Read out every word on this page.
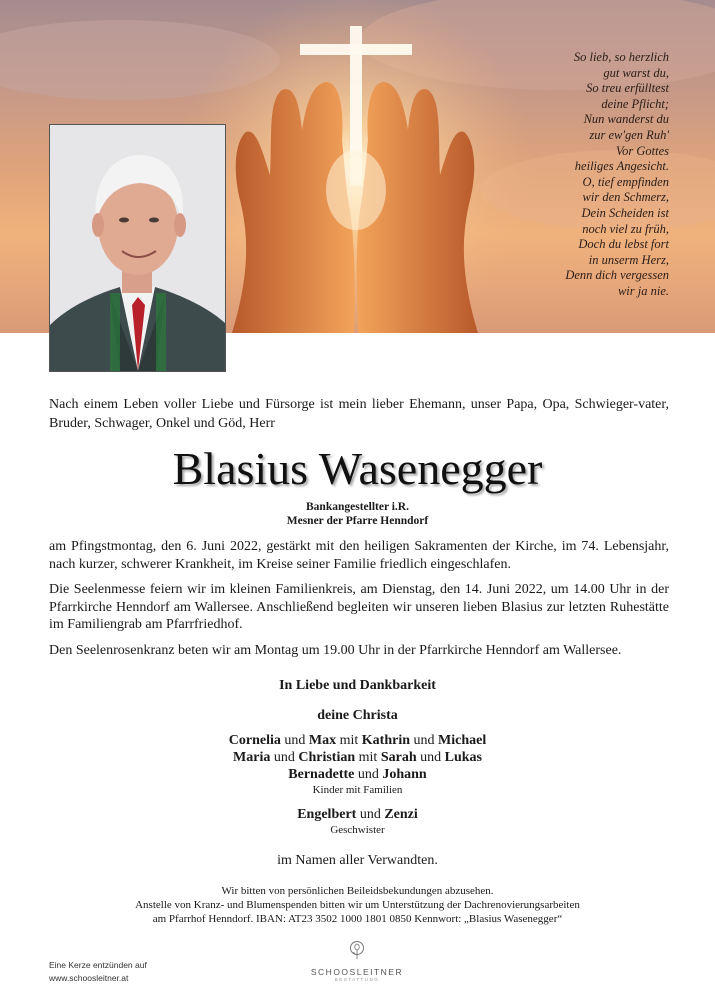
So lieb, so herzlich
gut warst du,
So treu erfülltest
deine Pflicht;
Nun wanderst du
zur ew'gen Ruh'
Vor Gottes
heiliges Angesicht.
O, tief empfinden
wir den Schmerz,
Dein Scheiden ist
noch viel zu früh,
Doch du lebst fort
in unserm Herz,
Denn dich vergessen
wir ja nie.
Nach einem Leben voller Liebe und Fürsorge ist mein lieber Ehemann, unser Papa, Opa, Schwieger-vater, Bruder, Schwager, Onkel und Göd, Herr
Blasius Wasenegger
Bankangestellter i.R.
Mesner der Pfarre Henndorf
am Pfingstmontag, den 6. Juni 2022, gestärkt mit den heiligen Sakramenten der Kirche, im 74. Lebensjahr, nach kurzer, schwerer Krankheit, im Kreise seiner Familie friedlich eingeschlafen.
Die Seelenmesse feiern wir im kleinen Familienkreis, am Dienstag, den 14. Juni 2022, um 14.00 Uhr in der Pfarrkirche Henndorf am Wallersee. Anschließend begleiten wir unseren lieben Blasius zur letzten Ruhestätte im Familiengrab am Pfarrfriedhof.
Den Seelenrosenkranz beten wir am Montag um 19.00 Uhr in der Pfarrkirche Henndorf am Wallersee.
In Liebe und Dankbarkeit
deine Christa
Cornelia und Max mit Kathrin und Michael
Maria und Christian mit Sarah und Lukas
Bernadette und Johann
Kinder mit Familien
Engelbert und Zenzi
Geschwister
im Namen aller Verwandten.
Wir bitten von persönlichen Beileidsbekundungen abzusehen.
Anstelle von Kranz- und Blumenspenden bitten wir um Unterstützung der Dachrenovierungsarbeiten
am Pfarrhof Henndorf. IBAN: AT23 3502 1000 1801 0850 Kennwort: „Blasius Wasenegger“
Eine Kerze entzünden auf
www.schoosleitner.at
SCHOOSLEITNER
BESTATTUNG
